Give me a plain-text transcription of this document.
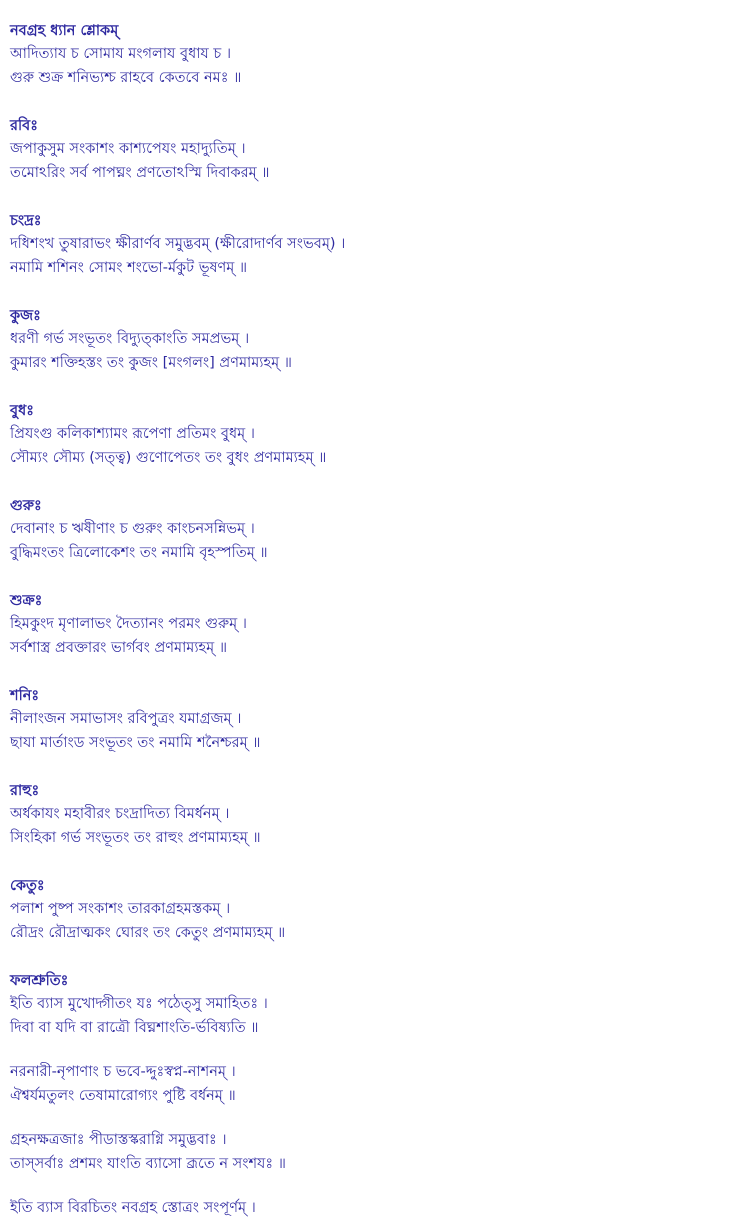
নবগ্রহ ধ্যান শ্লোকম্
আদিত্যায চ সোমায মংগলায বুধায চ ।
গুরু শুক্র শনিভ্যশ্চ রাহবে কেতবে নমঃ ॥
রবিঃ
জপাকুসুম সংকাশং কাশ্যপেযং মহাদ্যুতিম্ ।
তমোঽরিং সর্ব পাপঘ্নং প্রণতোঽস্মি দিবাকরম্ ॥
চংদ্রঃ
দধিশংখ তুষারাভং ক্ষীরার্ণব সমুদ্ভবম্ (ক্ষীরোদার্ণব সংভবম্) ।
নমামি শশিনং সোমং শংভো-র্মকুট ভূষণম্ ॥
কুজঃ
ধরণী গর্ভ সংভূতং বিদ্যুত্কাংতি সমপ্রভম্ ।
কুমারং শক্তিহস্তং তং কুজং [মংগলং] প্রণমাম্যহম্ ॥
বুধঃ
প্রিযংগু কলিকাশ্যামং রূপেণা প্রতিমং বুধম্ ।
সৌম্যং সৌম্য (সত্ত্ব) গুণোপেতং তং বুধং প্রণমাম্যহম্ ॥
গুরুঃ
দেবানাং চ ঋষীণাং চ গুরুং কাংচনসন্নিভম্ ।
বুদ্ধিমংতং ত্রিলোকেশং তং নমামি বৃহস্পতিম্ ॥
শুক্রঃ
হিমকুংদ মৃণালাভং দৈত্যানং পরমং গুরুম্ ।
সর্বশাস্ত্র প্রবক্তারং ভার্গবং প্রণমাম্যহম্ ॥
শনিঃ
নীলাংজন সমাভাসং রবিপুত্রং যমাগ্রজম্ ।
ছাযা মার্তাংড সংভূতং তং নমামি শনৈশ্চরম্ ॥
রাহুঃ
অর্ধকাযং মহাবীরং চংদ্রাদিত্য বিমর্ধনম্ ।
সিংহিকা গর্ভ সংভূতং তং রাহুং প্রণমাম্যহম্ ॥
কেতুঃ
পলাশ পুষ্প সংকাশং তারকাগ্রহমস্তকম্ ।
রৌদ্রং রৌদ্রাত্মকং ঘোরং তং কেতুং প্রণমাম্যহম্ ॥
ফলশ্রুতিঃ
ইতি ব্যাস মুখোদ্গীতং যঃ পঠেত্সু সমাহিতঃ ।
দিবা বা যদি বা রাত্রৌ বিঘ্নশাংতি-র্ভবিষ্যতি ॥
নরনারী-নৃপাণাং চ ভবে-দ্দুঃস্বপ্ন-নাশনম্ ।
ঐশ্বর্যমতুলং তেষামারোগ্যং পুষ্টি বর্ধনম্ ॥
গ্রহনক্ষত্রজাঃ পীডাস্তস্করাগ্নি সমুদ্ভবাঃ ।
তাস্সর্বাঃ প্রশমং যাংতি ব্যাসো ব্রূতে ন সংশযঃ ॥
ইতি ব্যাস বিরচিতং নবগ্রহ স্তোত্রং সংপূর্ণম্ ।
